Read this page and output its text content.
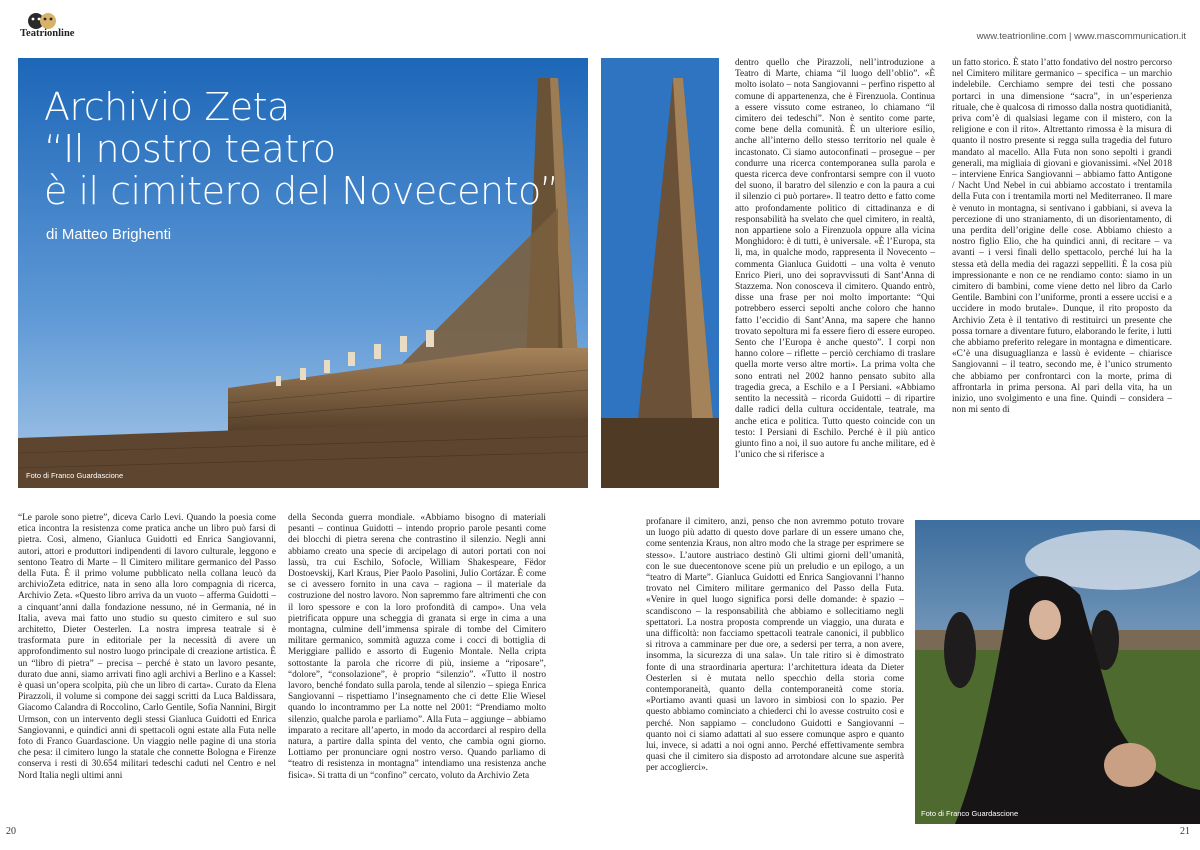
Teatrionline	www.teatrionline.com | www.mascommunication.it
Foto di Franco Guardascione
Archivio Zeta
“Il nostro teatro
è il cimitero del Novecento”
di Matteo Brighenti

dentro quello che Pirazzoli, nell’introduzione a Teatro di Marte, chiama “il luogo dell’oblio”. «È molto isolato – nota Sangiovanni – perfino rispetto al comune di appartenenza, che è Firenzuola. Continua a essere vissuto come estraneo, lo chiamano “il cimitero dei tedeschi”. Non è sentito come parte, come bene della comunità. È un ulteriore esilio, anche all’interno dello stesso territorio nel quale è incastonato. Ci siamo autoconfinati – prosegue – per condurre una ricerca contemporanea sulla parola e questa ricerca deve confrontarsi sempre con il vuoto del suono, il baratro del silenzio e con la paura a cui il silenzio ci può portare». Il teatro detto e fatto come atto profondamente politico di cittadinanza e di responsabilità ha svelato che quel cimitero, in realtà, non appartiene solo a Firenzuola oppure alla vicina Monghidoro: è di tutti, è universale. «È l’Europa, sta lì, ma, in qualche modo, rappresenta il Novecento – commenta Gianluca Guidotti – una volta è venuto Enrico Pieri, uno dei sopravvissuti di Sant’Anna di Stazzema. Non conosceva il cimitero. Quando entrò, disse una frase per noi molto importante: “Qui potrebbero esserci sepolti anche coloro che hanno fatto l’eccidio di Sant’Anna, ma sapere che hanno trovato sepoltura mi fa essere fiero di essere europeo. Sento che l’Europa è anche questo”. I corpi non hanno colore – riflette – perciò cerchiamo di traslare quella morte verso altre morti». La prima volta che sono entrati nel 2002 hanno pensato subito alla tragedia greca, a Eschilo e a I Persiani. «Abbiamo sentito la necessità – ricorda Guidotti – di ripartire dalle radici della cultura occidentale, teatrale, ma anche etica e politica. Tutto questo coincide con un testo: I Persiani di Eschilo. Perché è il più antico giunto fino a noi, il suo autore fu anche militare, ed è l’unico che si riferisce a

un fatto storico. È stato l’atto fondativo del nostro percorso nel Cimitero militare germanico – specifica – un marchio indelebile. Cerchiamo sempre dei testi che possano portarci in una dimensione “sacra”, in un’esperienza rituale, che è qualcosa di rimosso dalla nostra quotidianità, priva com’è di qualsiasi legame con il mistero, con la religione e con il rito». Altrettanto rimossa è la misura di quanto il nostro presente si regga sulla tragedia del futuro mandato al macello. Alla Futa non sono sepolti i grandi generali, ma migliaia di giovani e giovanissimi. «Nel 2018 – interviene Enrica Sangiovanni – abbiamo fatto Antigone / Nacht Und Nebel in cui abbiamo accostato i trentamila della Futa con i trentamila morti nel Mediterraneo. Il mare è venuto in montagna, si sentivano i gabbiani, si aveva la percezione di uno straniamento, di un disorientamento, di una perdita dell’origine delle cose. Abbiamo chiesto a nostro figlio Elio, che ha quindici anni, di recitare – va avanti – i versi finali dello spettacolo, perché lui ha la stessa età della media dei ragazzi seppelliti. È la cosa più impressionante e non ce ne rendiamo conto: siamo in un cimitero di bambini, come viene detto nel libro da Carlo Gentile. Bambini con l’uniforme, pronti a essere uccisi e a uccidere in modo brutale». Dunque, il rito proposto da Archivio Zeta è il tentativo di restituirci un presente che possa tornare a diventare futuro, elaborando le ferite, i lutti che abbiamo preferito relegare in montagna e dimenticare. «C’è una disuguaglianza e lassù è evidente – chiarisce Sangiovanni – il teatro, secondo me, è l’unico strumento che abbiamo per confrontarci con la morte, prima di affrontarla in prima persona. Al pari della vita, ha un inizio, uno svolgimento e una fine. Quindi – considera – non mi sento di

“Le parole sono pietre”, diceva Carlo Levi. Quando la poesia come etica incontra la resistenza come pratica anche un libro può farsi di pietra. Così, almeno, Gianluca Guidotti ed Enrica Sangiovanni, autori, attori e produttori indipendenti di lavoro culturale, leggono e sentono Teatro di Marte – Il Cimitero militare germanico del Passo della Futa. È il primo volume pubblicato nella collana leucò da archivioZeta editrice, nata in seno alla loro compagnia di ricerca, Archivio Zeta. «Questo libro arriva da un vuoto – afferma Guidotti – a cinquant’anni dalla fondazione nessuno, né in Germania, né in Italia, aveva mai fatto uno studio su questo cimitero e sul suo architetto, Dieter Oesterlen. La nostra impresa teatrale si è trasformata pure in editoriale per la necessità di avere un approfondimento sul nostro luogo principale di creazione artistica. È un “libro di pietra” – precisa – perché è stato un lavoro pesante, durato due anni, siamo arrivati fino agli archivi a Berlino e a Kassel: è quasi un’opera scolpita, più che un libro di carta». Curato da Elena Pirazzoli, il volume si compone dei saggi scritti da Luca Baldissara, Giacomo Calandra di Roccolino, Carlo Gentile, Sofia Nannini, Birgit Urmson, con un intervento degli stessi Gianluca Guidotti ed Enrica Sangiovanni, e quindici anni di spettacoli ogni estate alla Futa nelle foto di Franco Guardascione. Un viaggio nelle pagine di una storia che pesa: il cimitero lungo la statale che connette Bologna e Firenze conserva i resti di 30.654 militari tedeschi caduti nel Centro e nel Nord Italia negli ultimi anni

della Seconda guerra mondiale. «Abbiamo bisogno di materiali pesanti – continua Guidotti – intendo proprio parole pesanti come dei blocchi di pietra serena che contrastino il silenzio. Negli anni abbiamo creato una specie di arcipelago di autori portati con noi lassù, tra cui Eschilo, Sofocle, William Shakespeare, Fëdor Dostoevskij, Karl Kraus, Pier Paolo Pasolini, Julio Cortázar. È come se ci avessero fornito in una cava – ragiona – il materiale da costruzione del nostro lavoro. Non sapremmo fare altrimenti che con il loro spessore e con la loro profondità di campo». Una vela pietrificata oppure una scheggia di granata si erge in cima a una montagna, culmine dell’immensa spirale di tombe del Cimitero militare germanico, sommità aguzza come i cocci di bottiglia di Meriggiare pallido e assorto di Eugenio Montale. Nella cripta sottostante la parola che ricorre di più, insieme a “riposare”, “dolore”, “consolazione”, è proprio “silenzio”. «Tutto il nostro lavoro, benché fondato sulla parola, tende al silenzio – spiega Enrica Sangiovanni – rispettiamo l’insegnamento che ci dette Elie Wiesel quando lo incontrammo per La notte nel 2001: “Prendiamo molto silenzio, qualche parola e parliamo”. Alla Futa – aggiunge – abbiamo imparato a recitare all’aperto, in modo da accordarci al respiro della natura, a partire dalla spinta del vento, che cambia ogni giorno. Lottiamo per pronunciare ogni nostro verso. Quando parliamo di “teatro di resistenza in montagna” intendiamo una resistenza anche fisica». Si tratta di un “confino” cercato, voluto da Archivio Zeta

profanare il cimitero, anzi, penso che non avremmo potuto trovare un luogo più adatto di questo dove parlare di un essere umano che, come sentenzia Kraus, non altro modo che la strage per esprimere se stesso». L’autore austriaco destinò Gli ultimi giorni dell’umanità, con le sue duecentonove scene più un preludio e un epilogo, a un “teatro di Marte”. Gianluca Guidotti ed Enrica Sangiovanni l’hanno trovato nel Cimitero militare germanico del Passo della Futa. «Venire in quel luogo significa porsi delle domande: è spazio – scandiscono – la responsabilità che abbiamo e sollecitiamo negli spettatori. La nostra proposta comprende un viaggio, una durata e una difficoltà: non facciamo spettacoli teatrale canonici, il pubblico si ritrova a camminare per due ore, a sedersi per terra, a non avere, insomma, la sicurezza di una sala». Un tale ritiro si è dimostrato fonte di una straordinaria apertura: l’architettura ideata da Dieter Oesterlen si è mutata nello specchio della storia come contemporaneità, quanto della contemporaneità come storia. «Portiamo avanti quasi un lavoro in simbiosi con lo spazio. Per questo abbiamo cominciato a chiederci chi lo avesse costruito così e perché. Non sappiamo – concludono Guidotti e Sangiovanni – quanto noi ci siamo adattati al suo essere comunque aspro e quanto lui, invece, si adatti a noi ogni anno. Perché effettivamente sembra quasi che il cimitero sia disposto ad arrotondare alcune sue asperità per accoglierci».

Foto di Franco Guardascione
20	21
